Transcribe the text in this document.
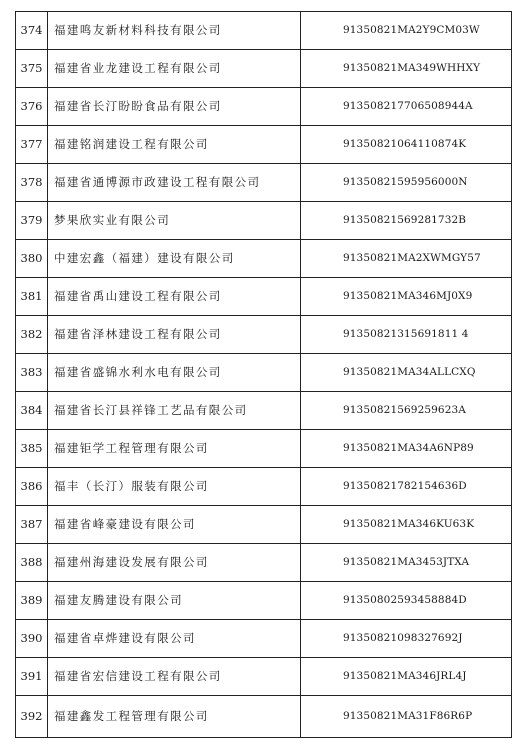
374	福建鸣友新材料科技有限公司	91350821MA2Y9CM03W
375	福建省业龙建设工程有限公司	91350821MA349WHHXY
376	福建省长汀盼盼食品有限公司	913508217706508944A
377	福建铭润建设工程有限公司	91350821064110874K
378	福建省通博源市政建设工程有限公司	91350821595956000N
379	梦果欣实业有限公司	91350821569281732B
380	中建宏鑫（福建）建设有限公司	91350821MA2XWMGY57
381	福建省禹山建设工程有限公司	91350821MA346MJ0X9
382	福建省泽林建设工程有限公司	91350821315691811 4
383	福建省盛锦水利水电有限公司	91350821MA34ALLCXQ
384	福建省长汀县祥锋工艺品有限公司	91350821569259623A
385	福建钜学工程管理有限公司	91350821MA34A6NP89
386	福丰（长汀）服装有限公司	91350821782154636D
387	福建省峰豪建设有限公司	91350821MA346KU63K
388	福建州海建设发展有限公司	91350821MA3453JTXA
389	福建友腾建设有限公司	91350802593458884D
390	福建省卓烨建设有限公司	91350821098327692J
391	福建省宏信建设工程有限公司	91350821MA346JRL4J
392	福建鑫发工程管理有限公司	91350821MA31F86R6P
